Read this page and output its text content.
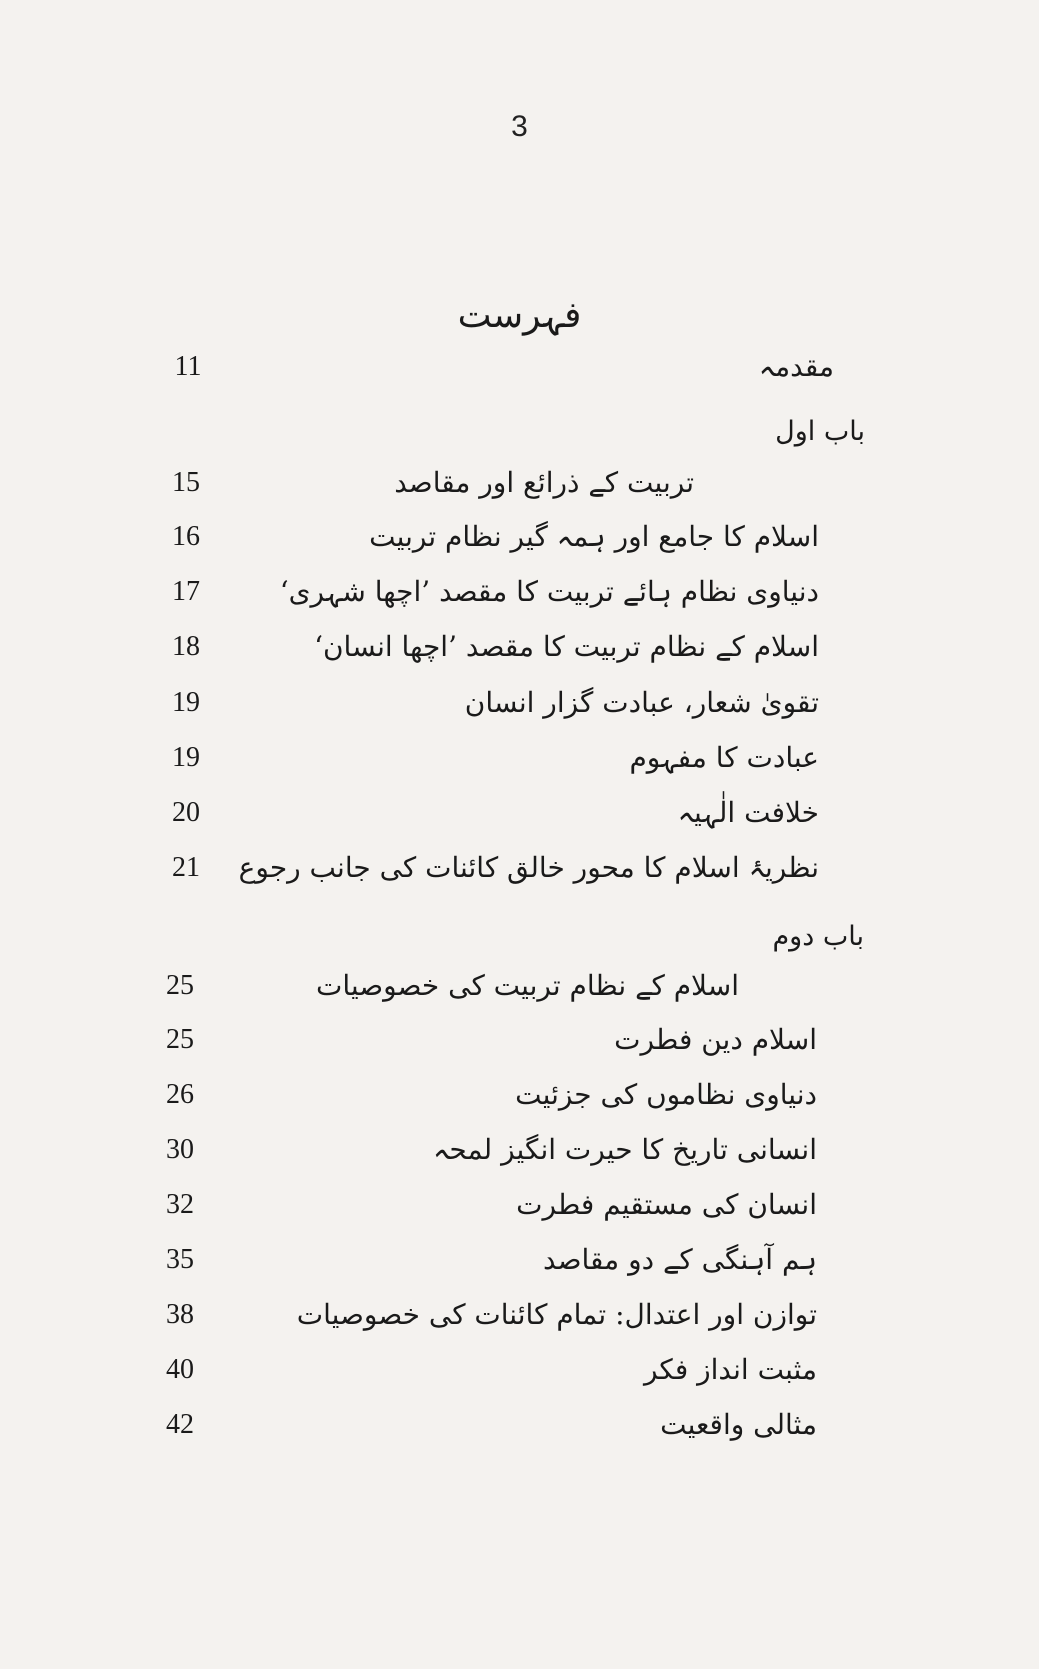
3
فہرست
مقدمہ
11
باب اول
تربیت کے ذرائع اور مقاصد
15
اسلام کا جامع اور ہمہ گیر نظام تربیت
16
دنیاوی نظام ہائے تربیت کا مقصد ’اچھا شہری‘
17
اسلام کے نظام تربیت کا مقصد ’اچھا انسان‘
18
تقویٰ شعار، عبادت گزار انسان
19
عبادت کا مفہوم
19
خلافت الٰہیہ
20
نظریۂ اسلام کا محور خالق کائنات کی جانب رجوع
21
باب دوم
اسلام کے نظام تربیت کی خصوصیات
25
اسلام دین فطرت
25
دنیاوی نظاموں کی جزئیت
26
انسانی تاریخ کا حیرت انگیز لمحہ
30
انسان کی مستقیم فطرت
32
ہم آہنگی کے دو مقاصد
35
توازن اور اعتدال: تمام کائنات کی خصوصیات
38
مثبت انداز فکر
40
مثالی واقعیت
42
